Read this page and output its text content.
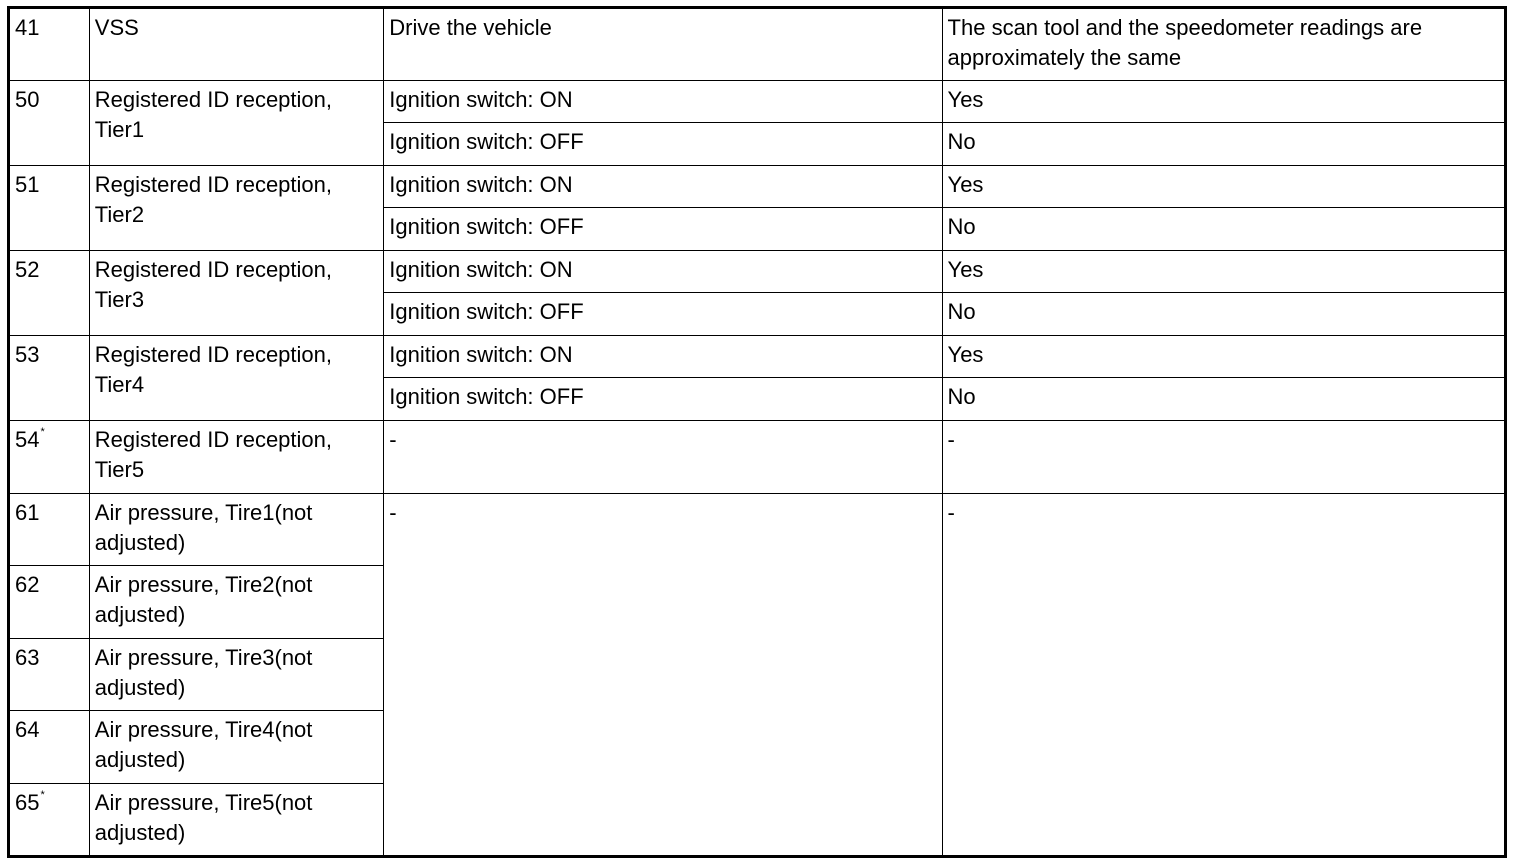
41	VSS	Drive the vehicle	The scan tool and the speedometer readings are approximately the same
50	Registered ID reception, Tier1	Ignition switch: ON	Yes
		Ignition switch: OFF	No
51	Registered ID reception, Tier2	Ignition switch: ON	Yes
		Ignition switch: OFF	No
52	Registered ID reception, Tier3	Ignition switch: ON	Yes
		Ignition switch: OFF	No
53	Registered ID reception, Tier4	Ignition switch: ON	Yes
		Ignition switch: OFF	No
54*	Registered ID reception, Tier5	-	-
61	Air pressure, Tire1(not adjusted)	-	-
62	Air pressure, Tire2(not adjusted)		
63	Air pressure, Tire3(not adjusted)		
64	Air pressure, Tire4(not adjusted)		
65*	Air pressure, Tire5(not adjusted)		
